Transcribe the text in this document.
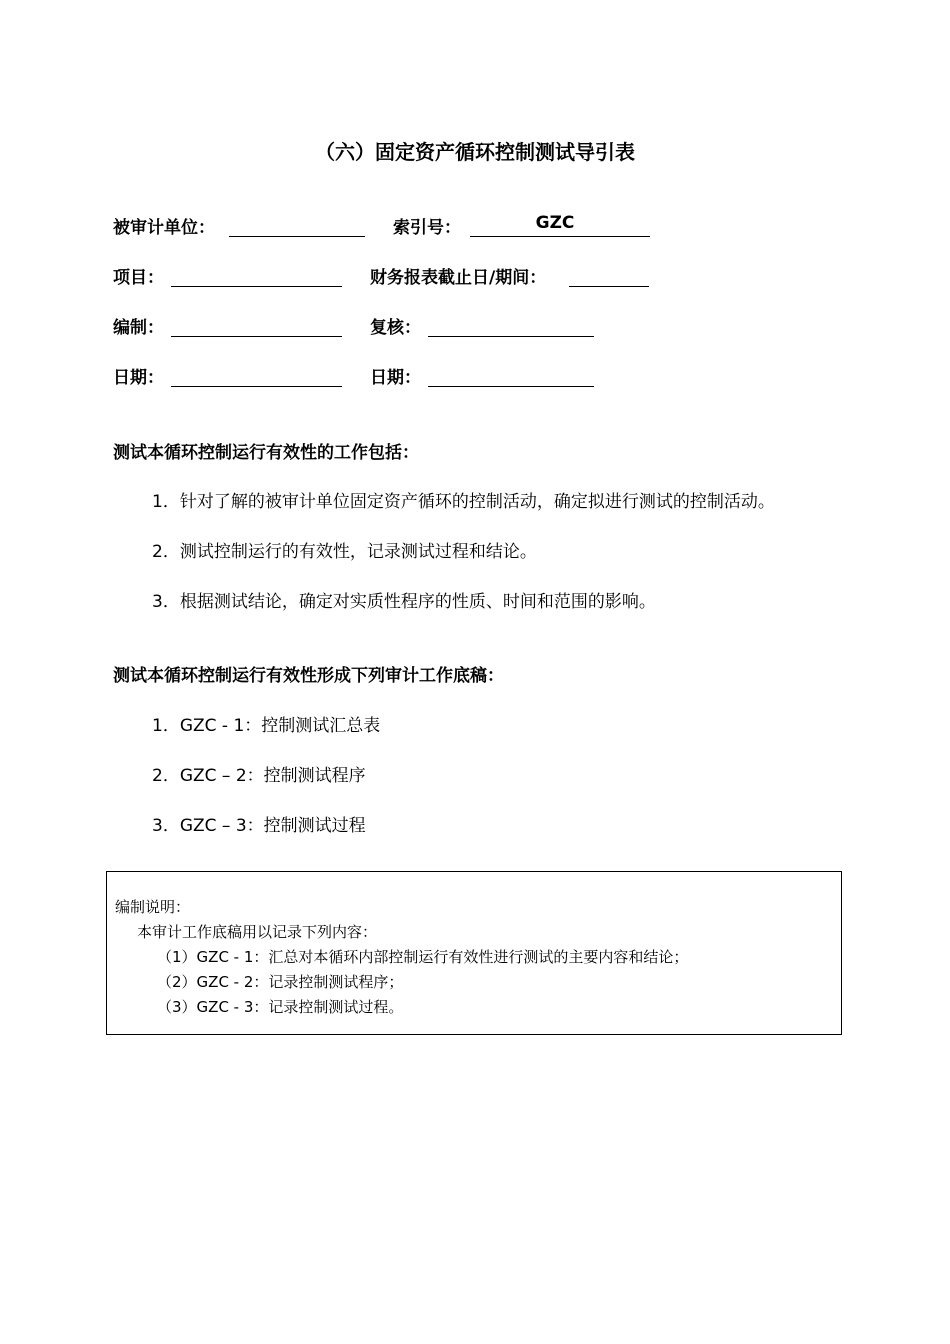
（六）固定资产循环控制测试导引表
被审计单位：	索引号：	GZC
项目：	财务报表截止日/期间：
编制：	复核：
日期：	日期：
测试本循环控制运行有效性的工作包括：
1．针对了解的被审计单位固定资产循环的控制活动，确定拟进行测试的控制活动。
2．测试控制运行的有效性，记录测试过程和结论。
3．根据测试结论，确定对实质性程序的性质、时间和范围的影响。
测试本循环控制运行有效性形成下列审计工作底稿：
1．GZC - 1：控制测试汇总表
2．GZC – 2：控制测试程序
3．GZC – 3：控制测试过程
编制说明：
本审计工作底稿用以记录下列内容：
（1）GZC - 1：汇总对本循环内部控制运行有效性进行测试的主要内容和结论；
（2）GZC - 2：记录控制测试程序；
（3）GZC - 3：记录控制测试过程。
